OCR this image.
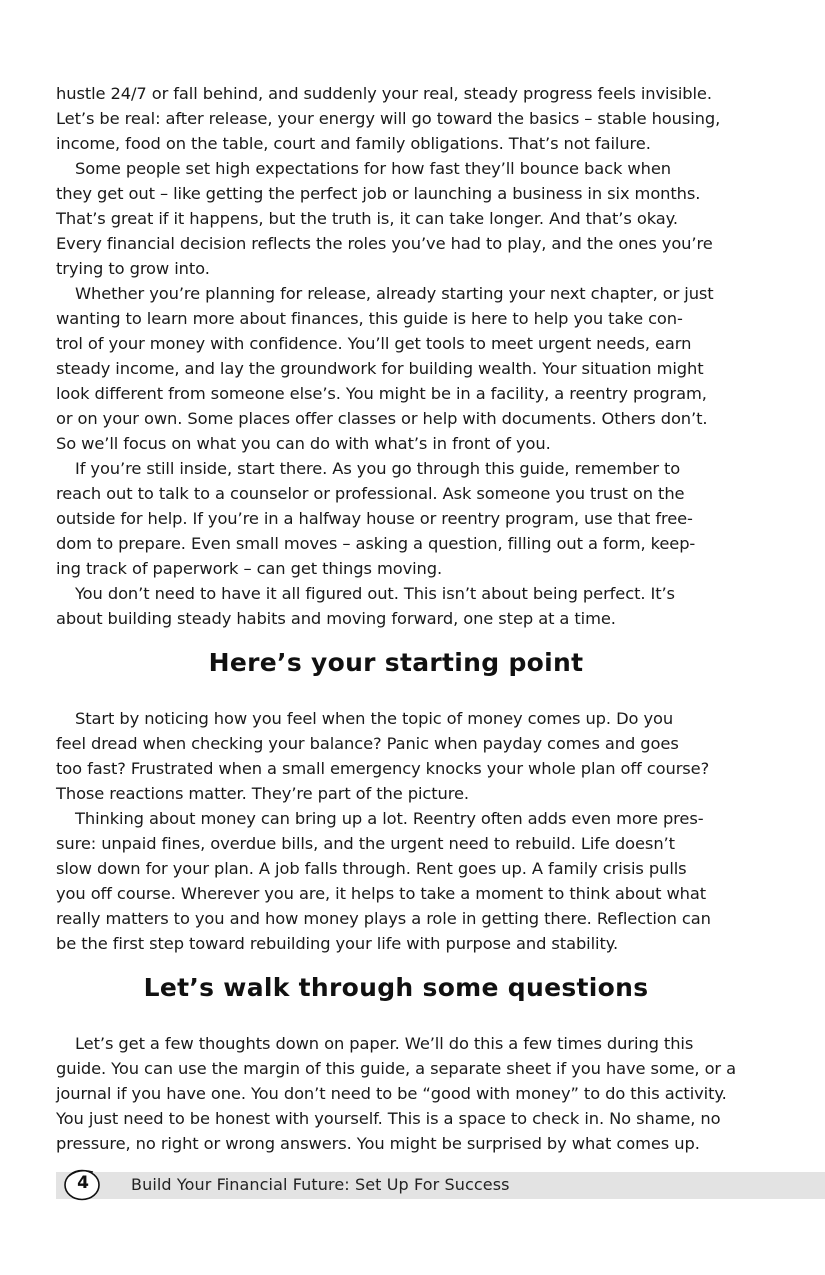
hustle 24/7 or fall behind, and suddenly your real, steady progress feels invisible.
Let’s be real: after release, your energy will go toward the basics – stable housing,
income, food on the table, court and family obligations. That’s not failure.
Some people set high expectations for how fast they’ll bounce back when
they get out – like getting the perfect job or launching a business in six months.
That’s great if it happens, but the truth is, it can take longer. And that’s okay.
Every financial decision reflects the roles you’ve had to play, and the ones you’re
trying to grow into.
Whether you’re planning for release, already starting your next chapter, or just
wanting to learn more about finances, this guide is here to help you take con-
trol of your money with confidence. You’ll get tools to meet urgent needs, earn
steady income, and lay the groundwork for building wealth. Your situation might
look different from someone else’s. You might be in a facility, a reentry program,
or on your own. Some places offer classes or help with documents. Others don’t.
So we’ll focus on what you can do with what’s in front of you.
If you’re still inside, start there. As you go through this guide, remember to
reach out to talk to a counselor or professional. Ask someone you trust on the
outside for help. If you’re in a halfway house or reentry program, use that free-
dom to prepare. Even small moves – asking a question, filling out a form, keep-
ing track of paperwork – can get things moving.
You don’t need to have it all figured out. This isn’t about being perfect. It’s
about building steady habits and moving forward, one step at a time.
Here’s your starting point
Start by noticing how you feel when the topic of money comes up. Do you
feel dread when checking your balance? Panic when payday comes and goes
too fast? Frustrated when a small emergency knocks your whole plan off course?
Those reactions matter. They’re part of the picture.
Thinking about money can bring up a lot. Reentry often adds even more pres-
sure: unpaid fines, overdue bills, and the urgent need to rebuild. Life doesn’t
slow down for your plan. A job falls through. Rent goes up. A family crisis pulls
you off course. Wherever you are, it helps to take a moment to think about what
really matters to you and how money plays a role in getting there. Reflection can
be the first step toward rebuilding your life with purpose and stability.
Let’s walk through some questions
Let’s get a few thoughts down on paper. We’ll do this a few times during this
guide. You can use the margin of this guide, a separate sheet if you have some, or a
journal if you have one. You don’t need to be “good with money” to do this activity.
You just need to be honest with yourself. This is a space to check in. No shame, no
pressure, no right or wrong answers. You might be surprised by what comes up.
4	Build Your Financial Future: Set Up For Success
